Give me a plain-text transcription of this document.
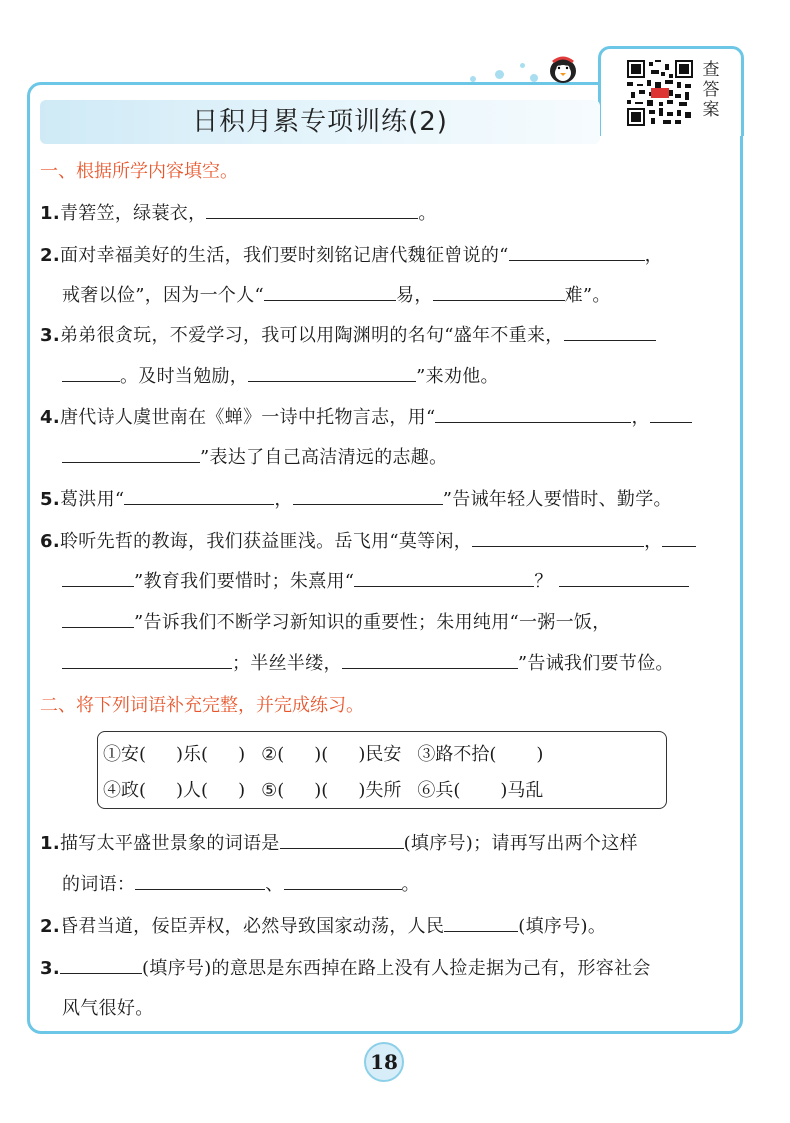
查答案
日积月累专项训练(2)
一、根据所学内容填空。
1.青箬笠，绿蓑衣，	。
2.面对幸福美好的生活，我们要时刻铭记唐代魏征曾说的“	，
戒奢以俭”，因为一个人“	易，	难”。
3.弟弟很贪玩，不爱学习，我可以用陶渊明的名句“盛年不重来，
。及时当勉励，	”来劝他。
4.唐代诗人虞世南在《蝉》一诗中托物言志，用“	，
”表达了自己高洁清远的志趣。
5.葛洪用“	，	”告诫年轻人要惜时、勤学。
6.聆听先哲的教诲，我们获益匪浅。岳飞用“莫等闲，	，
”教育我们要惜时；朱熹用“	？
”告诉我们不断学习新知识的重要性；朱用纯用“一粥一饭，
；半丝半缕，	”告诫我们要节俭。
二、将下列词语补充完整，并完成练习。
①安( )乐( ) ②( )( )民安 ③路不拾( )
④政( )人( ) ⑤( )( )失所 ⑥兵( )马乱
1.描写太平盛世景象的词语是	(填序号)；请再写出两个这样
的词语：	、	。
2.昏君当道，佞臣弄权，必然导致国家动荡，人民	(填序号)。
3.	(填序号)的意思是东西掉在路上没有人捡走据为己有，形容社会
风气很好。
18
